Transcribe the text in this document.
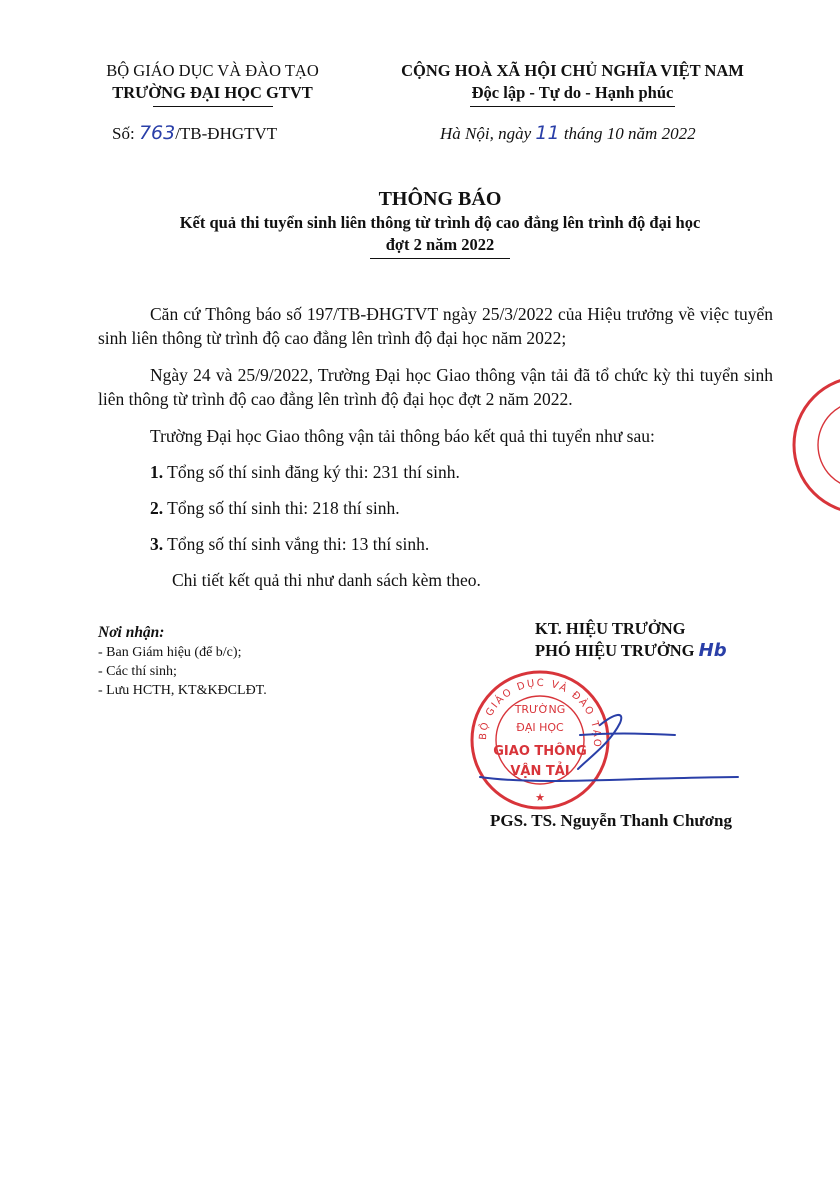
BỘ GIÁO DỤC VÀ ĐÀO TẠO
TRƯỜNG ĐẠI HỌC GTVT
CỘNG HOÀ XÃ HỘI CHỦ NGHĨA VIỆT NAM
Độc lập - Tự do - Hạnh phúc
Số: 763/TB-ĐHGTVT	Hà Nội, ngày 11 tháng 10 năm 2022
THÔNG BÁO
Kết quả thi tuyển sinh liên thông từ trình độ cao đẳng lên trình độ đại học
đợt 2 năm 2022
Căn cứ Thông báo số 197/TB-ĐHGTVT ngày 25/3/2022 của Hiệu trưởng về việc tuyển sinh liên thông từ trình độ cao đẳng lên trình độ đại học năm 2022;
Ngày 24 và 25/9/2022, Trường Đại học Giao thông vận tải đã tổ chức kỳ thi tuyển sinh liên thông từ trình độ cao đẳng lên trình độ đại học đợt 2 năm 2022.
Trường Đại học Giao thông vận tải thông báo kết quả thi tuyển như sau:
1. Tổng số thí sinh đăng ký thi: 231 thí sinh.
2. Tổng số thí sinh thi: 218 thí sinh.
3. Tổng số thí sinh vắng thi: 13 thí sinh.
Chi tiết kết quả thi như danh sách kèm theo.
Nơi nhận:
- Ban Giám hiệu (để b/c);
- Các thí sinh;
- Lưu HCTH, KT&KĐCLĐT.
KT. HIỆU TRƯỞNG
PHÓ HIỆU TRƯỞNG Hb
BỘ GIÁO DỤC VÀ ĐÀO TẠO
TRƯỜNG
ĐẠI HỌC
GIAO THÔNG
VẬN TẢI
★
PGS. TS. Nguyễn Thanh Chương
